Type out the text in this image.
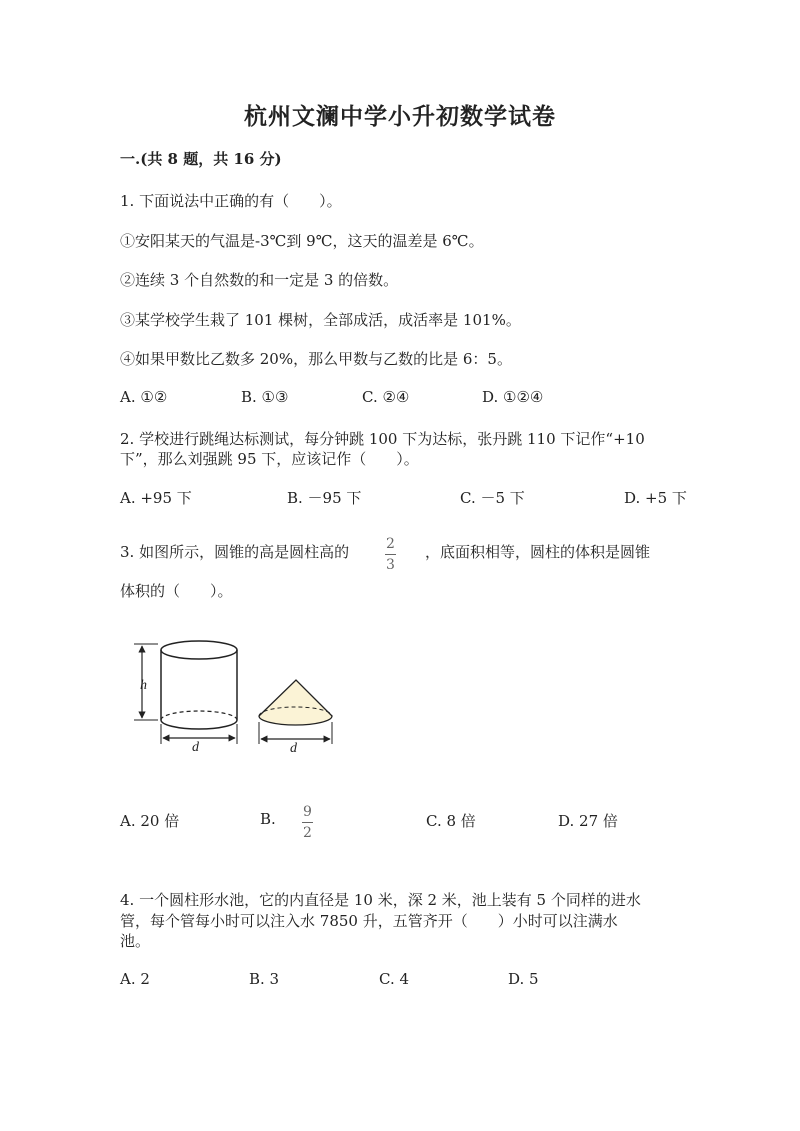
杭州文澜中学小升初数学试卷
一.(共 8 题，共 16 分)
1. 下面说法中正确的有（　　）。
①安阳某天的气温是-3℃到 9℃，这天的温差是 6℃。
②连续 3 个自然数的和一定是 3 的倍数。
③某学校学生栽了 101 棵树，全部成活，成活率是 101%。
④如果甲数比乙数多 20%，那么甲数与乙数的比是 6：5。
A. ①②	B. ①③	C. ②④	D. ①②④
2. 学校进行跳绳达标测试，每分钟跳 100 下为达标，张丹跳 110 下记作“+10
下”，那么刘强跳 95 下，应该记作（　　）。
A. +95 下	B. －95 下	C. －5 下	D. +5 下
3. 如图所示，圆锥的高是圆柱高的	$\frac{2}{3}$ ，底面积相等，圆柱的体积是圆锥
体积的（　　）。
h
d	d
A. 20 倍	B. $\frac{9}{2}$	C. 8 倍	D. 27 倍
4. 一个圆柱形水池，它的内直径是 10 米，深 2 米，池上装有 5 个同样的进水
管，每个管每小时可以注入水 7850 升，五管齐开（　　）小时可以注满水
池。
A. 2	B. 3	C. 4	D. 5
